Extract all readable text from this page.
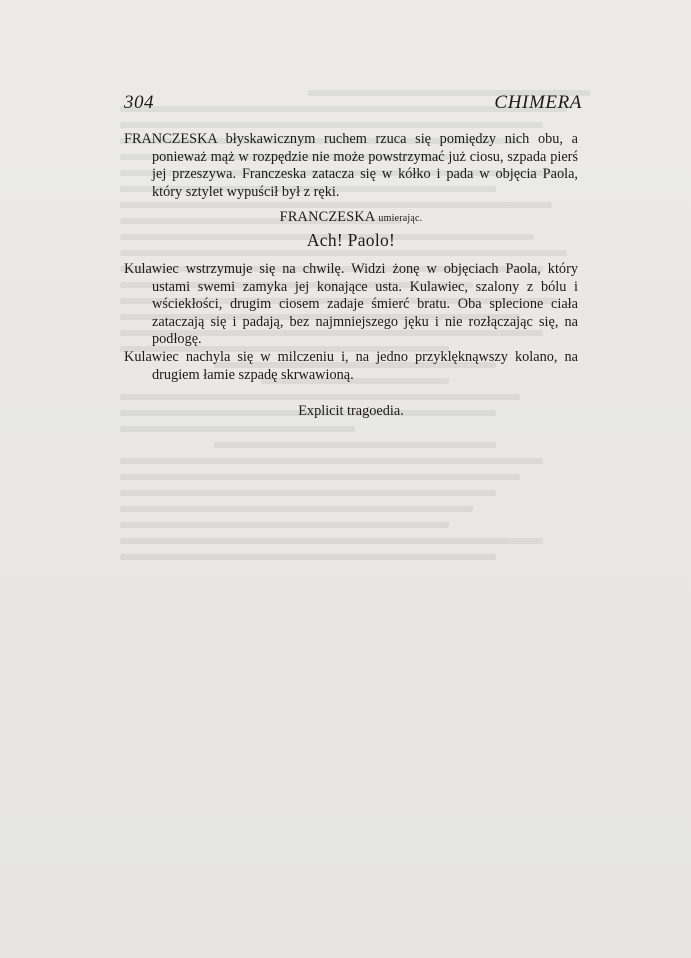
304	CHIMERA

FRANCZESKA błyskawicznym ruchem rzuca się pomiędzy nich obu, a ponieważ mąż w rozpędzie nie może powstrzymać już ciosu, szpada pierś jej przeszywa. Franczeska zatacza się w kółko i pada w objęcia Paola, który sztylet wypuścił był z ręki.

FRANCZESKA umierając.
Ach! Paolo!

Kulawiec wstrzymuje się na chwilę. Widzi żonę w objęciach Paola, który ustami swemi zamyka jej konające usta. Kulawiec, szalony z bólu i wściekłości, drugim ciosem zadaje śmierć bratu. Oba splecione ciała zataczają się i padają, bez najmniejszego jęku i nie rozłączając się, na podłogę.

Kulawiec nachyla się w milczeniu i, na jedno przyklęknąwszy kolano, na drugiem łamie szpadę skrwawioną.

Explicit tragoedia.
